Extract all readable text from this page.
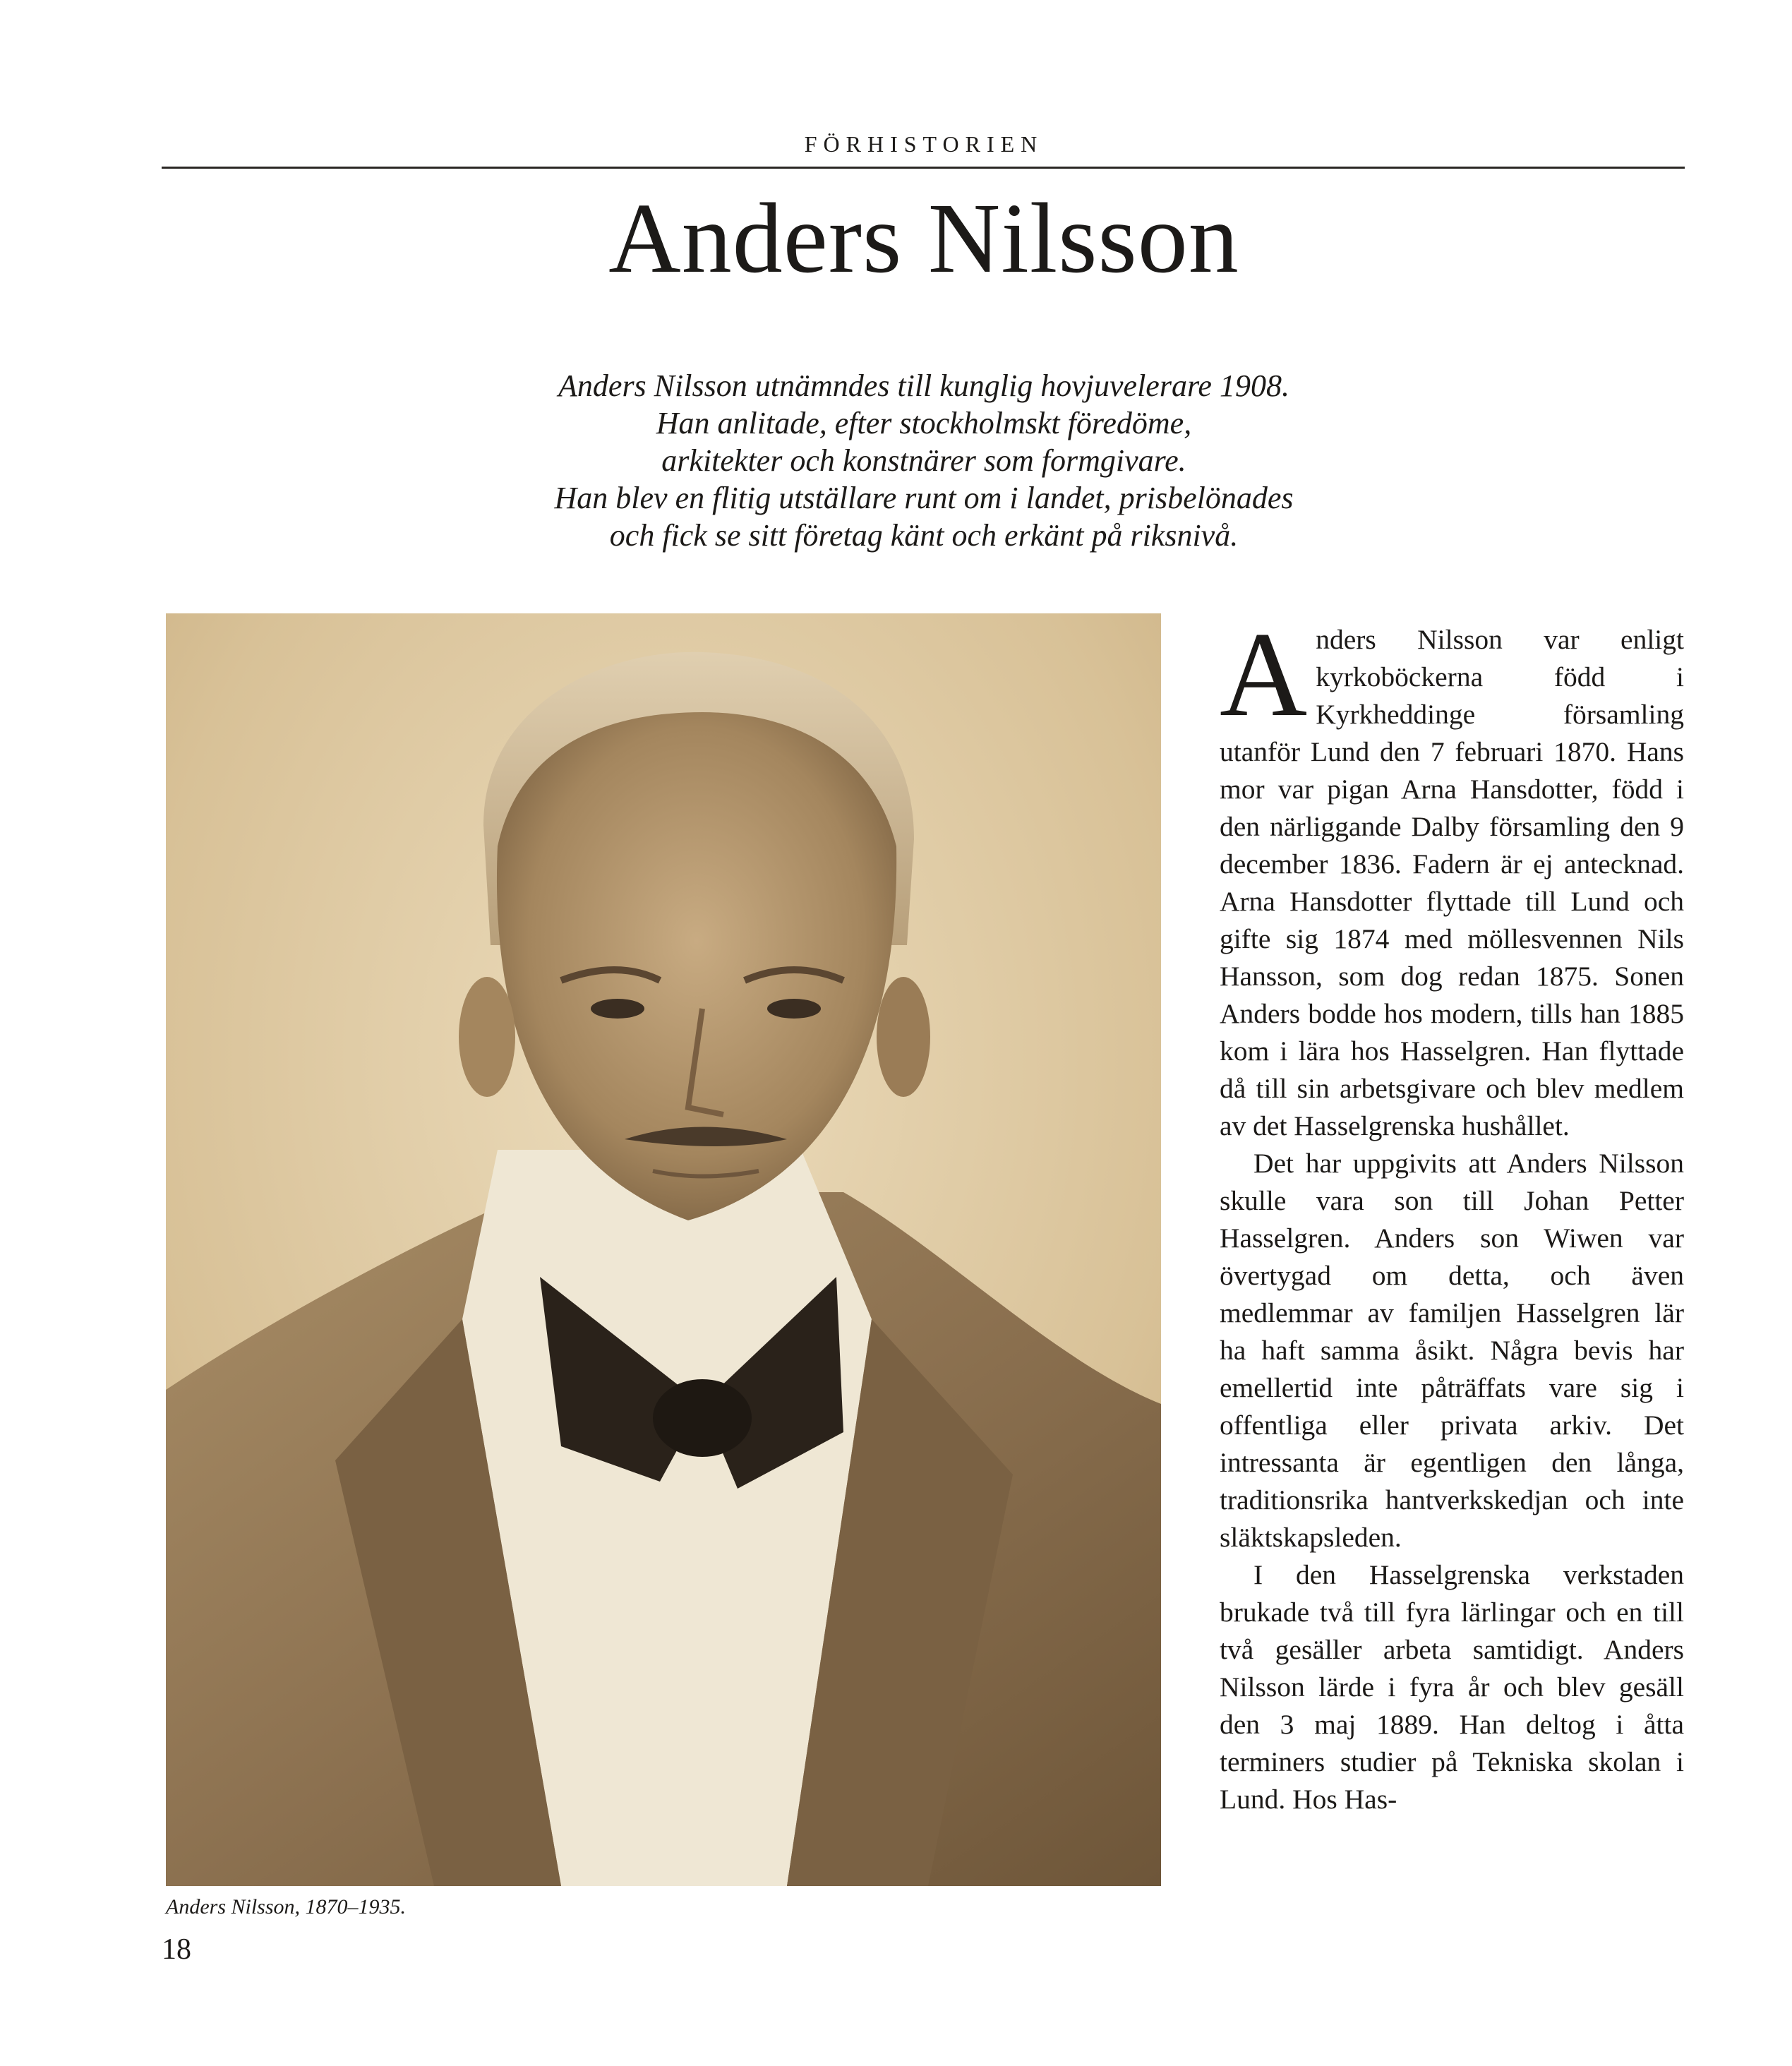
FÖRHISTORIEN
Anders Nilsson
Anders Nilsson utnämndes till kunglig hovjuvelerare 1908.
Han anlitade, efter stockholmskt föredöme,
arkitekter och konstnärer som formgivare.
Han blev en flitig utställare runt om i landet, prisbelönades
och fick se sitt företag känt och erkänt på riksnivå.
Anders Nilsson, 1870–1935.
18

Anders Nilsson var enligt kyrkoböckerna född i Kyrkheddinge församling utanför Lund den 7 februari 1870. Hans mor var pigan Arna Hansdotter, född i den närliggande Dalby församling den 9 december 1836. Fadern är ej antecknad. Arna Hansdotter flyttade till Lund och gifte sig 1874 med möllesvennen Nils Hansson, som dog redan 1875. Sonen Anders bodde hos modern, tills han 1885 kom i lära hos Hasselgren. Han flyttade då till sin arbetsgivare och blev medlem av det Hasselgrenska hushållet.

Det har uppgivits att Anders Nilsson skulle vara son till Johan Petter Hasselgren. Anders son Wiwen var övertygad om detta, och även medlemmar av familjen Hasselgren lär ha haft samma åsikt. Några bevis har emellertid inte påträffats vare sig i offentliga eller privata arkiv. Det intressanta är egentligen den långa, traditionsrika hantverkskedjan och inte släktskapsleden.

I den Hasselgrenska verkstaden brukade två till fyra lärlingar och en till två gesäller arbeta samtidigt. Anders Nilsson lärde i fyra år och blev gesäll den 3 maj 1889. Han deltog i åtta terminers studier på Tekniska skolan i Lund. Hos Has-
